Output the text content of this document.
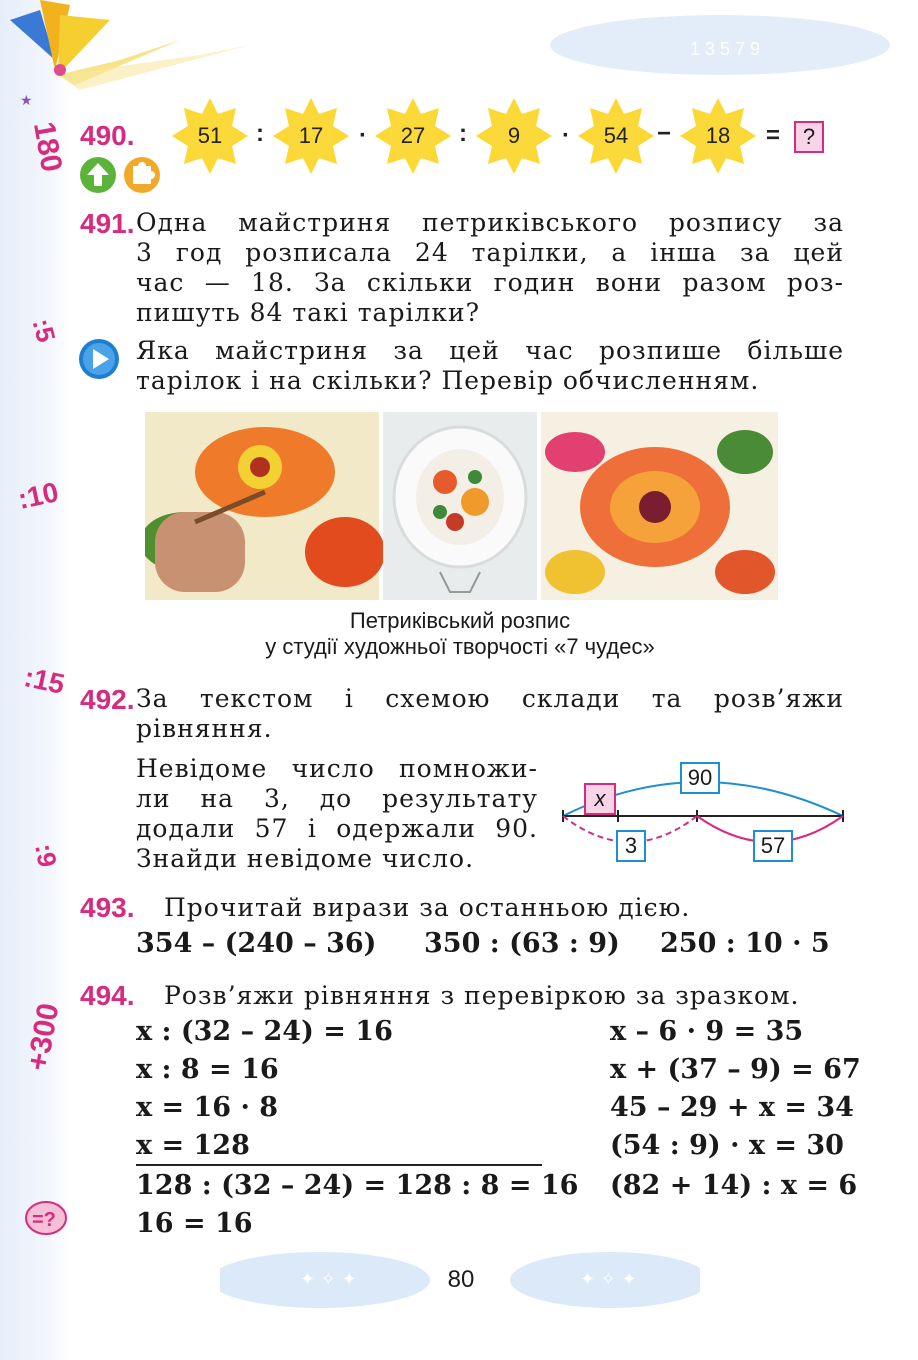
1 3 5 7 9
★
180
:5
:10
:15
:9
+300
490.	51	:	17	·	27	:	9	·	54	−	18	=	?
491. Одна майстриня петриківського розпису за
3 год розписала 24 тарілки, а інша за цей
час — 18. За скільки годин вони разом роз-
пишуть 84 такі тарілки?
Яка майстриня за цей час розпише більше
тарілок і на скільки? Перевір обчисленням.
Петриківський розпис
у студії художньої творчості «7 чудес»
492. За текстом і схемою склади та розв’яжи
рівняння.
Невідоме число помножи-
ли на 3, до результату
додали 57 і одержали 90.
Знайди невідоме число.
90
x
3	57
493. Прочитай вирази за останньою дією.
354 – (240 – 36) 350 : (63 : 9) 250 : 10 · 5
494. Розв’яжи рівняння з перевіркою за зразком.
x : (32 – 24) = 16
x : 8 = 16
x = 16 · 8
x = 128
128 : (32 – 24) = 128 : 8 = 16
16 = 16
x – 6 · 9 = 35
x + (37 – 9) = 67
45 – 29 + x = 34
(54 : 9) · x = 30
(82 + 14) : x = 6
=?
✦ ✧ ✦	✦ ✧ ✦
80
